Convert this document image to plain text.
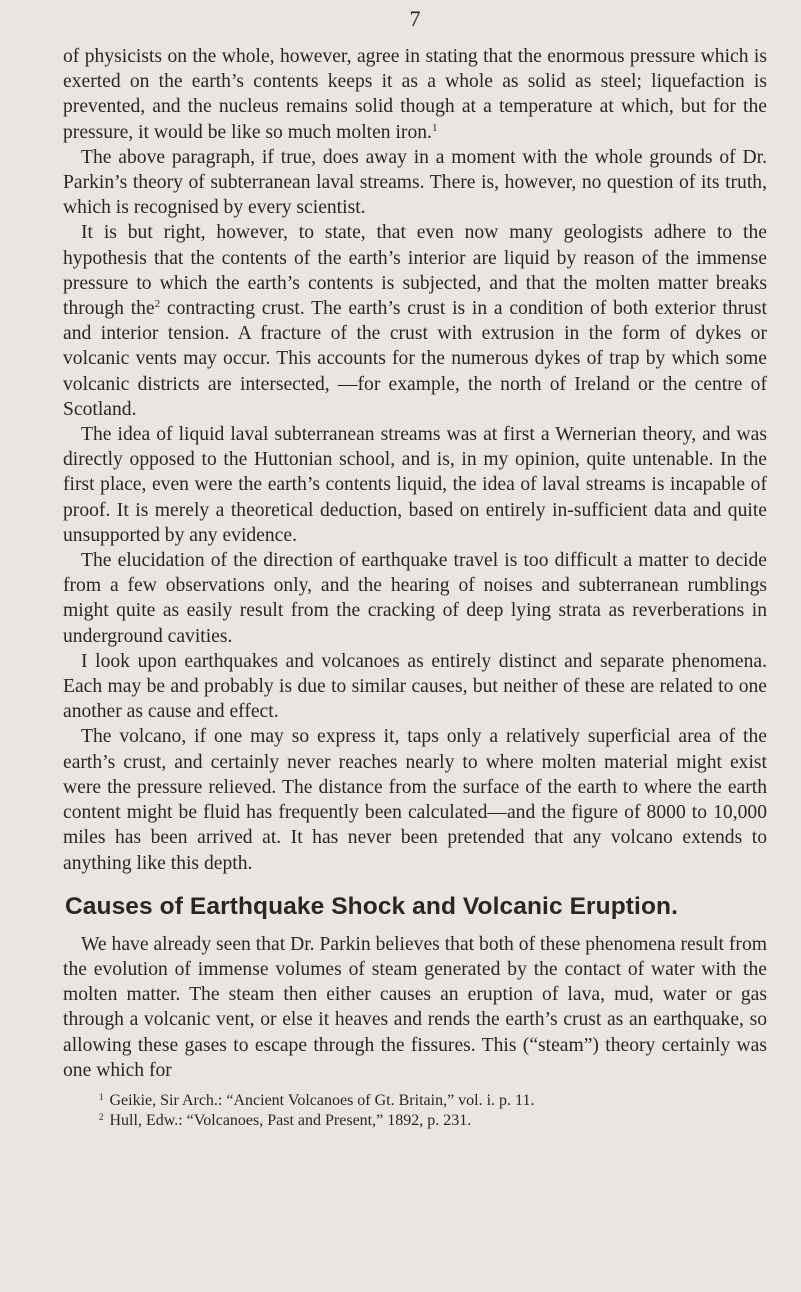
7

of physicists on the whole, however, agree in stating that the enormous pressure which is exerted on the earth’s contents keeps it as a whole as solid as steel; liquefaction is prevented, and the nucleus remains solid though at a temperature at which, but for the pressure, it would be like so much molten iron.$^1$

The above paragraph, if true, does away in a moment with the whole grounds of Dr. Parkin’s theory of subterranean laval streams. There is, however, no question of its truth, which is recognised by every scientist.

It is but right, however, to state, that even now many geologists adhere to the hypothesis that the contents of the earth’s interior are liquid by reason of the immense pressure to which the earth’s contents is subjected, and that the molten matter breaks through the$^2$ contracting crust. The earth’s crust is in a condition of both exterior thrust and interior tension. A fracture of the crust with extrusion in the form of dykes or volcanic vents may occur. This accounts for the numerous dykes of trap by which some volcanic districts are intersected, —for example, the north of Ireland or the centre of Scotland.

The idea of liquid laval subterranean streams was at first a Wernerian theory, and was directly opposed to the Huttonian school, and is, in my opinion, quite untenable. In the first place, even were the earth’s contents liquid, the idea of laval streams is incapable of proof. It is merely a theoretical deduction, based on entirely in-sufficient data and quite unsupported by any evidence.

The elucidation of the direction of earthquake travel is too difficult a matter to decide from a few observations only, and the hearing of noises and subterranean rumblings might quite as easily result from the cracking of deep lying strata as reverberations in underground cavities.

I look upon earthquakes and volcanoes as entirely distinct and separate phenomena. Each may be and probably is due to similar causes, but neither of these are related to one another as cause and effect.

The volcano, if one may so express it, taps only a relatively superficial area of the earth’s crust, and certainly never reaches nearly to where molten material might exist were the pressure relieved. The distance from the surface of the earth to where the earth content might be fluid has frequently been calculated—and the figure of 8000 to 10,000 miles has been arrived at. It has never been pretended that any volcano extends to anything like this depth.

Causes of Earthquake Shock and Volcanic Eruption.

We have already seen that Dr. Parkin believes that both of these phenomena result from the evolution of immense volumes of steam generated by the contact of water with the molten matter. The steam then either causes an eruption of lava, mud, water or gas through a volcanic vent, or else it heaves and rends the earth’s crust as an earthquake, so allowing these gases to escape through the fissures. This (“steam”) theory certainly was one which for

$^1$ Geikie, Sir Arch.: “Ancient Volcanoes of Gt. Britain,” vol. i. p. 11.

$^2$ Hull, Edw.: “Volcanoes, Past and Present,” 1892, p. 231.
